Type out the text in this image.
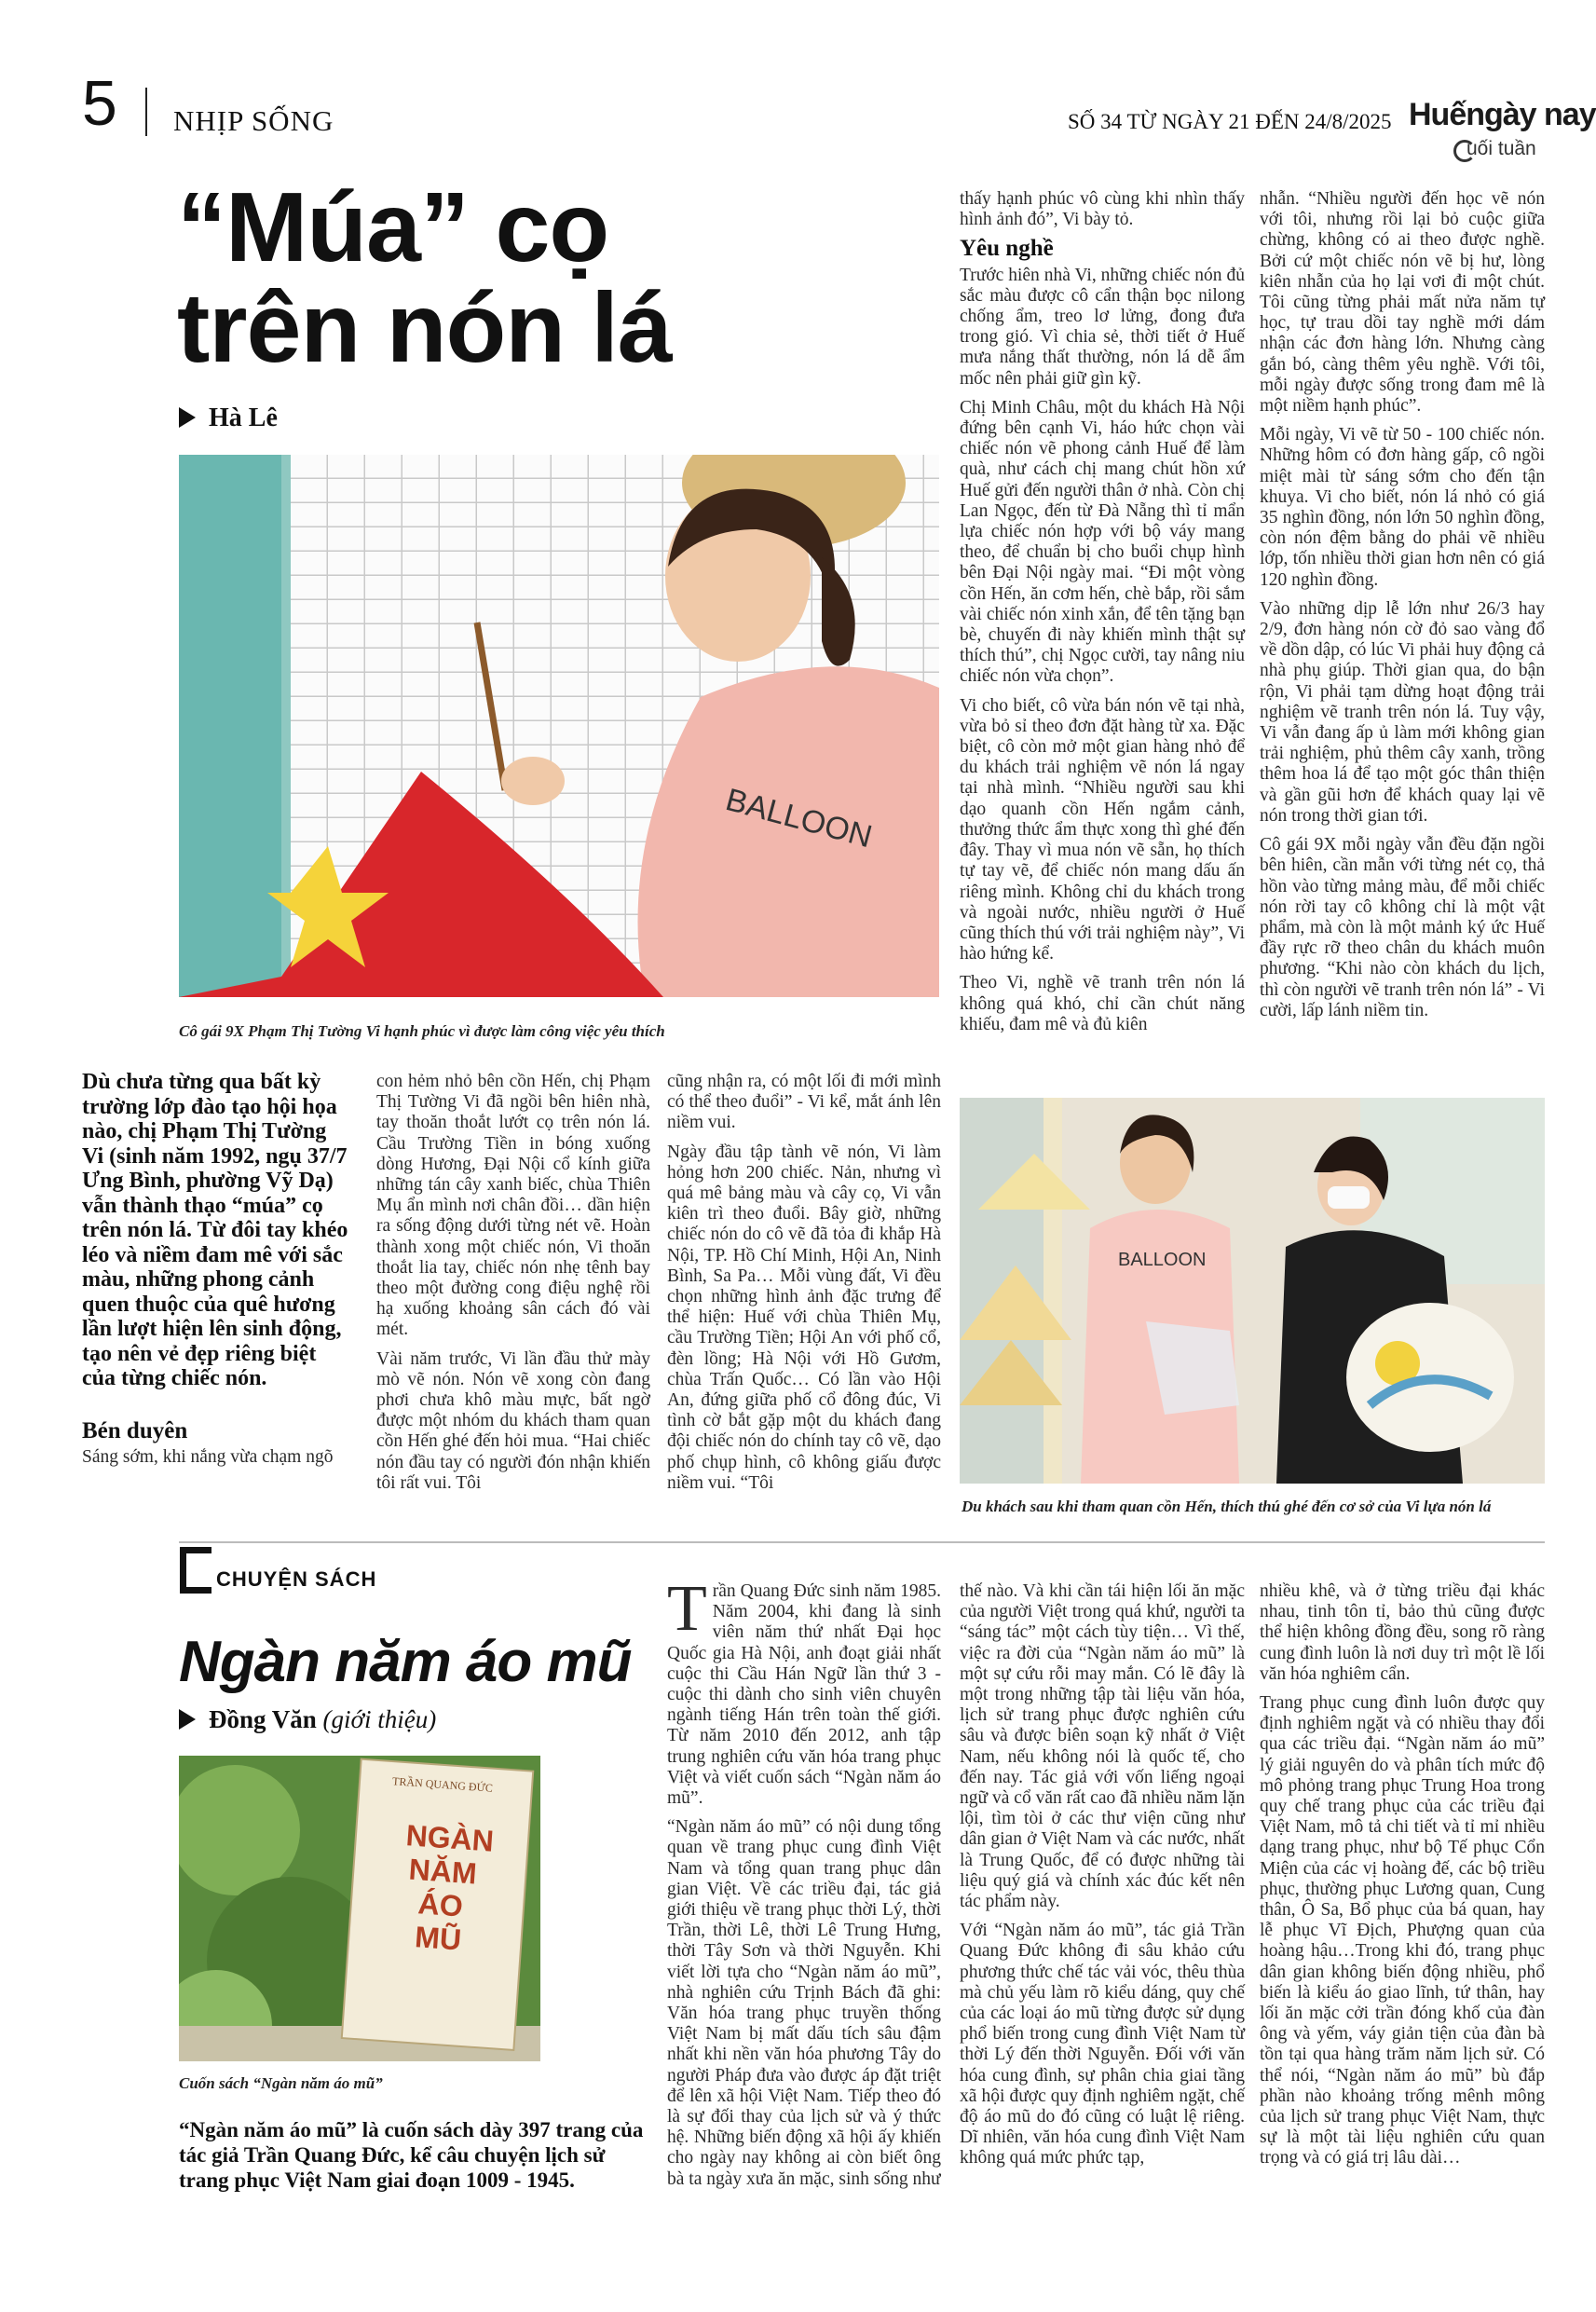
5 NHỊP SỐNG	SỐ 34 TỪ NGÀY 21 ĐẾN 24/8/2025 Huếngày nay
uối tuần
“Múa” cọ
trên nón lá
Hà Lê
BALLOON
Cô gái 9X Phạm Thị Tường Vi hạnh phúc vì được làm công việc yêu thích

Dù chưa từng qua bất kỳ trường lớp đào tạo hội họa nào, chị Phạm Thị Tường Vi (sinh năm 1992, ngụ 37/7 Ưng Bình, phường Vỹ Dạ) vẫn thành thạo “múa” cọ trên nón lá. Từ đôi tay khéo léo và niềm đam mê với sắc màu, những phong cảnh quen thuộc của quê hương lần lượt hiện lên sinh động, tạo nên vẻ đẹp riêng biệt của từng chiếc nón.

Bén duyên

Sáng sớm, khi nắng vừa chạm ngõ

con hẻm nhỏ bên cồn Hến, chị Phạm Thị Tường Vi đã ngồi bên hiên nhà, tay thoăn thoắt lướt cọ trên nón lá. Cầu Trường Tiền in bóng xuống dòng Hương, Đại Nội cổ kính giữa những tán cây xanh biếc, chùa Thiên Mụ ẩn mình nơi chân đồi… dần hiện ra sống động dưới từng nét vẽ. Hoàn thành xong một chiếc nón, Vi thoăn thoắt lia tay, chiếc nón nhẹ tênh bay theo một đường cong điệu nghệ rồi hạ xuống khoảng sân cách đó vài mét.

Vài năm trước, Vi lần đầu thử mày mò vẽ nón. Nón vẽ xong còn đang phơi chưa khô màu mực, bất ngờ được một nhóm du khách tham quan cồn Hến ghé đến hỏi mua. “Hai chiếc nón đầu tay có người đón nhận khiến tôi rất vui. Tôi

cũng nhận ra, có một lối đi mới mình có thể theo đuổi” - Vi kể, mắt ánh lên niềm vui.

Ngày đầu tập tành vẽ nón, Vi làm hỏng hơn 200 chiếc. Nản, nhưng vì quá mê bảng màu và cây cọ, Vi vẫn kiên trì theo đuổi. Bây giờ, những chiếc nón do cô vẽ đã tỏa đi khắp Hà Nội, TP. Hồ Chí Minh, Hội An, Ninh Bình, Sa Pa… Mỗi vùng đất, Vi đều chọn những hình ảnh đặc trưng để thể hiện: Huế với chùa Thiên Mụ, cầu Trường Tiền; Hội An với phố cổ, đèn lồng; Hà Nội với Hồ Gươm, chùa Trấn Quốc… Có lần vào Hội An, đứng giữa phố cổ đông đúc, Vi tình cờ bắt gặp một du khách đang đội chiếc nón do chính tay cô vẽ, dạo phố chụp hình, cô không giấu được niềm vui. “Tôi

thấy hạnh phúc vô cùng khi nhìn thấy hình ảnh đó”, Vi bày tỏ.

Yêu nghề

Trước hiên nhà Vi, những chiếc nón đủ sắc màu được cô cẩn thận bọc nilong chống ẩm, treo lơ lửng, đong đưa trong gió. Vì chia sẻ, thời tiết ở Huế mưa nắng thất thường, nón lá dễ ẩm mốc nên phải giữ gìn kỹ.

Chị Minh Châu, một du khách Hà Nội đứng bên cạnh Vi, háo hức chọn vài chiếc nón vẽ phong cảnh Huế để làm quà, như cách chị mang chút hồn xứ Huế gửi đến người thân ở nhà. Còn chị Lan Ngọc, đến từ Đà Nẵng thì tỉ mẩn lựa chiếc nón hợp với bộ váy mang theo, để chuẩn bị cho buổi chụp hình bên Đại Nội ngày mai. “Đi một vòng cồn Hến, ăn cơm hến, chè bắp, rồi sắm vài chiếc nón xinh xắn, để tên tặng bạn bè, chuyến đi này khiến mình thật sự thích thú”, chị Ngọc cười, tay nâng niu chiếc nón vừa chọn”.

Vi cho biết, cô vừa bán nón vẽ tại nhà, vừa bỏ sỉ theo đơn đặt hàng từ xa. Đặc biệt, cô còn mở một gian hàng nhỏ để du khách trải nghiệm vẽ nón lá ngay tại nhà mình. “Nhiều người sau khi dạo quanh cồn Hến ngắm cảnh, thưởng thức ẩm thực xong thì ghé đến đây. Thay vì mua nón vẽ sẵn, họ thích tự tay vẽ, để chiếc nón mang dấu ấn riêng mình. Không chỉ du khách trong và ngoài nước, nhiều người ở Huế cũng thích thú với trải nghiệm này”, Vi hào hứng kể.

Theo Vi, nghề vẽ tranh trên nón lá không quá khó, chỉ cần chút năng khiếu, đam mê và đủ kiên

nhẫn. “Nhiều người đến học vẽ nón với tôi, nhưng rồi lại bỏ cuộc giữa chừng, không có ai theo được nghề. Bởi cứ một chiếc nón vẽ bị hư, lòng kiên nhẫn của họ lại vơi đi một chút. Tôi cũng từng phải mất nửa năm tự học, tự trau dồi tay nghề mới dám nhận các đơn hàng lớn. Nhưng càng gắn bó, càng thêm yêu nghề. Với tôi, mỗi ngày được sống trong đam mê là một niềm hạnh phúc”.

Mỗi ngày, Vi vẽ từ 50 - 100 chiếc nón. Những hôm có đơn hàng gấp, cô ngồi miệt mài từ sáng sớm cho đến tận khuya. Vi cho biết, nón lá nhỏ có giá 35 nghìn đồng, nón lớn 50 nghìn đồng, còn nón đệm bằng do phải vẽ nhiều lớp, tốn nhiều thời gian hơn nên có giá 120 nghìn đồng.

Vào những dịp lễ lớn như 26/3 hay 2/9, đơn hàng nón cờ đỏ sao vàng đổ về dồn dập, có lúc Vi phải huy động cả nhà phụ giúp. Thời gian qua, do bận rộn, Vi phải tạm dừng hoạt động trải nghiệm vẽ tranh trên nón lá. Tuy vậy, Vi vẫn đang ấp ủ làm mới không gian trải nghiệm, phủ thêm cây xanh, trồng thêm hoa lá để tạo một góc thân thiện và gần gũi hơn để khách quay lại vẽ nón trong thời gian tới.

Cô gái 9X mỗi ngày vẫn đều đặn ngồi bên hiên, cần mẫn với từng nét cọ, thả hồn vào từng mảng màu, để mỗi chiếc nón rời tay cô không chỉ là một vật phẩm, mà còn là một mảnh ký ức Huế đầy rực rỡ theo chân du khách muôn phương. “Khi nào còn khách du lịch, thì còn người vẽ tranh trên nón lá” - Vi cười, lấp lánh niềm tin.

BALLOON
Du khách sau khi tham quan cồn Hến, thích thú ghé đến cơ sở của Vi lựa nón lá
CHUYỆN SÁCH
Ngàn năm áo mũ
Đồng Văn (giới thiệu)
TRẦN QUANG ĐỨC
NGÀN NĂM ÁO MŨ
Cuốn sách “Ngàn năm áo mũ”
“Ngàn năm áo mũ” là cuốn sách dày 397 trang của tác giả Trần Quang Đức, kể câu chuyện lịch sử trang phục Việt Nam giai đoạn 1009 - 1945.

Trần Quang Đức sinh năm 1985. Năm 2004, khi đang là sinh viên năm thứ nhất Đại học Quốc gia Hà Nội, anh đoạt giải nhất cuộc thi Cầu Hán Ngữ lần thứ 3 - cuộc thi dành cho sinh viên chuyên ngành tiếng Hán trên toàn thế giới. Từ năm 2010 đến 2012, anh tập trung nghiên cứu văn hóa trang phục Việt và viết cuốn sách “Ngàn năm áo mũ”.

“Ngàn năm áo mũ” có nội dung tổng quan về trang phục cung đình Việt Nam và tổng quan trang phục dân gian Việt. Về các triều đại, tác giả giới thiệu về trang phục thời Lý, thời Trần, thời Lê, thời Lê Trung Hưng, thời Tây Sơn và thời Nguyễn. Khi viết lời tựa cho “Ngàn năm áo mũ”, nhà nghiên cứu Trịnh Bách đã ghi: Văn hóa trang phục truyền thống Việt Nam bị mất dấu tích sâu đậm nhất khi nền văn hóa phương Tây do người Pháp đưa vào được áp đặt triệt để lên xã hội Việt Nam. Tiếp theo đó là sự đối thay của lịch sử và ý thức hệ. Những biến động xã hội ấy khiến cho ngày nay không ai còn biết ông bà ta ngày xưa ăn mặc, sinh sống như

thế nào. Và khi cần tái hiện lối ăn mặc của người Việt trong quá khứ, người ta “sáng tác” một cách tùy tiện… Vì thế, việc ra đời của “Ngàn năm áo mũ” là một sự cứu rỗi may mắn. Có lẽ đây là một trong những tập tài liệu văn hóa, lịch sử trang phục được nghiên cứu sâu và được biên soạn kỹ nhất ở Việt Nam, nếu không nói là quốc tế, cho đến nay. Tác giả với vốn liếng ngoại ngữ và cổ văn rất cao đã nhiều năm lặn lội, tìm tòi ở các thư viện cũng như dân gian ở Việt Nam và các nước, nhất là Trung Quốc, để có được những tài liệu quý giá và chính xác đúc kết nên tác phẩm này.

Với “Ngàn năm áo mũ”, tác giả Trần Quang Đức không đi sâu khảo cứu phương thức chế tác vải vóc, thêu thùa mà chủ yếu làm rõ kiểu dáng, quy chế của các loại áo mũ từng được sử dụng phổ biến trong cung đình Việt Nam từ thời Lý đến thời Nguyễn. Đối với văn hóa cung đình, sự phân chia giai tầng xã hội được quy định nghiêm ngặt, chế độ áo mũ do đó cũng có luật lệ riêng. Dĩ nhiên, văn hóa cung đình Việt Nam không quá mức phức tạp,

nhiều khê, và ở từng triều đại khác nhau, tinh tôn tỉ, bảo thủ cũng được thể hiện không đồng đều, song rõ ràng cung đình luôn là nơi duy trì một lề lối văn hóa nghiêm cẩn.

Trang phục cung đình luôn được quy định nghiêm ngặt và có nhiều thay đổi qua các triều đại. “Ngàn năm áo mũ” lý giải nguyên do và phân tích mức độ mô phỏng trang phục Trung Hoa trong quy chế trang phục của các triều đại Việt Nam, mô tả chi tiết và tỉ mỉ nhiều dạng trang phục, như bộ Tế phục Cổn Miện của các vị hoàng đế, các bộ triều phục, thường phục Lương quan, Cung thân, Ô Sa, Bổ phục của bá quan, hay lễ phục Vĩ Địch, Phượng quan của hoàng hậu…Trong khi đó, trang phục dân gian không biến động nhiều, phổ biến là kiểu áo giao lĩnh, tứ thân, hay lối ăn mặc cởi trần đóng khố của đàn ông và yếm, váy giản tiện của đàn bà tồn tại qua hàng trăm năm lịch sử. Có thể nói, “Ngàn năm áo mũ” bù đắp phần nào khoảng trống mênh mông của lịch sử trang phục Việt Nam, thực sự là một tài liệu nghiên cứu quan trọng và có giá trị lâu dài…
